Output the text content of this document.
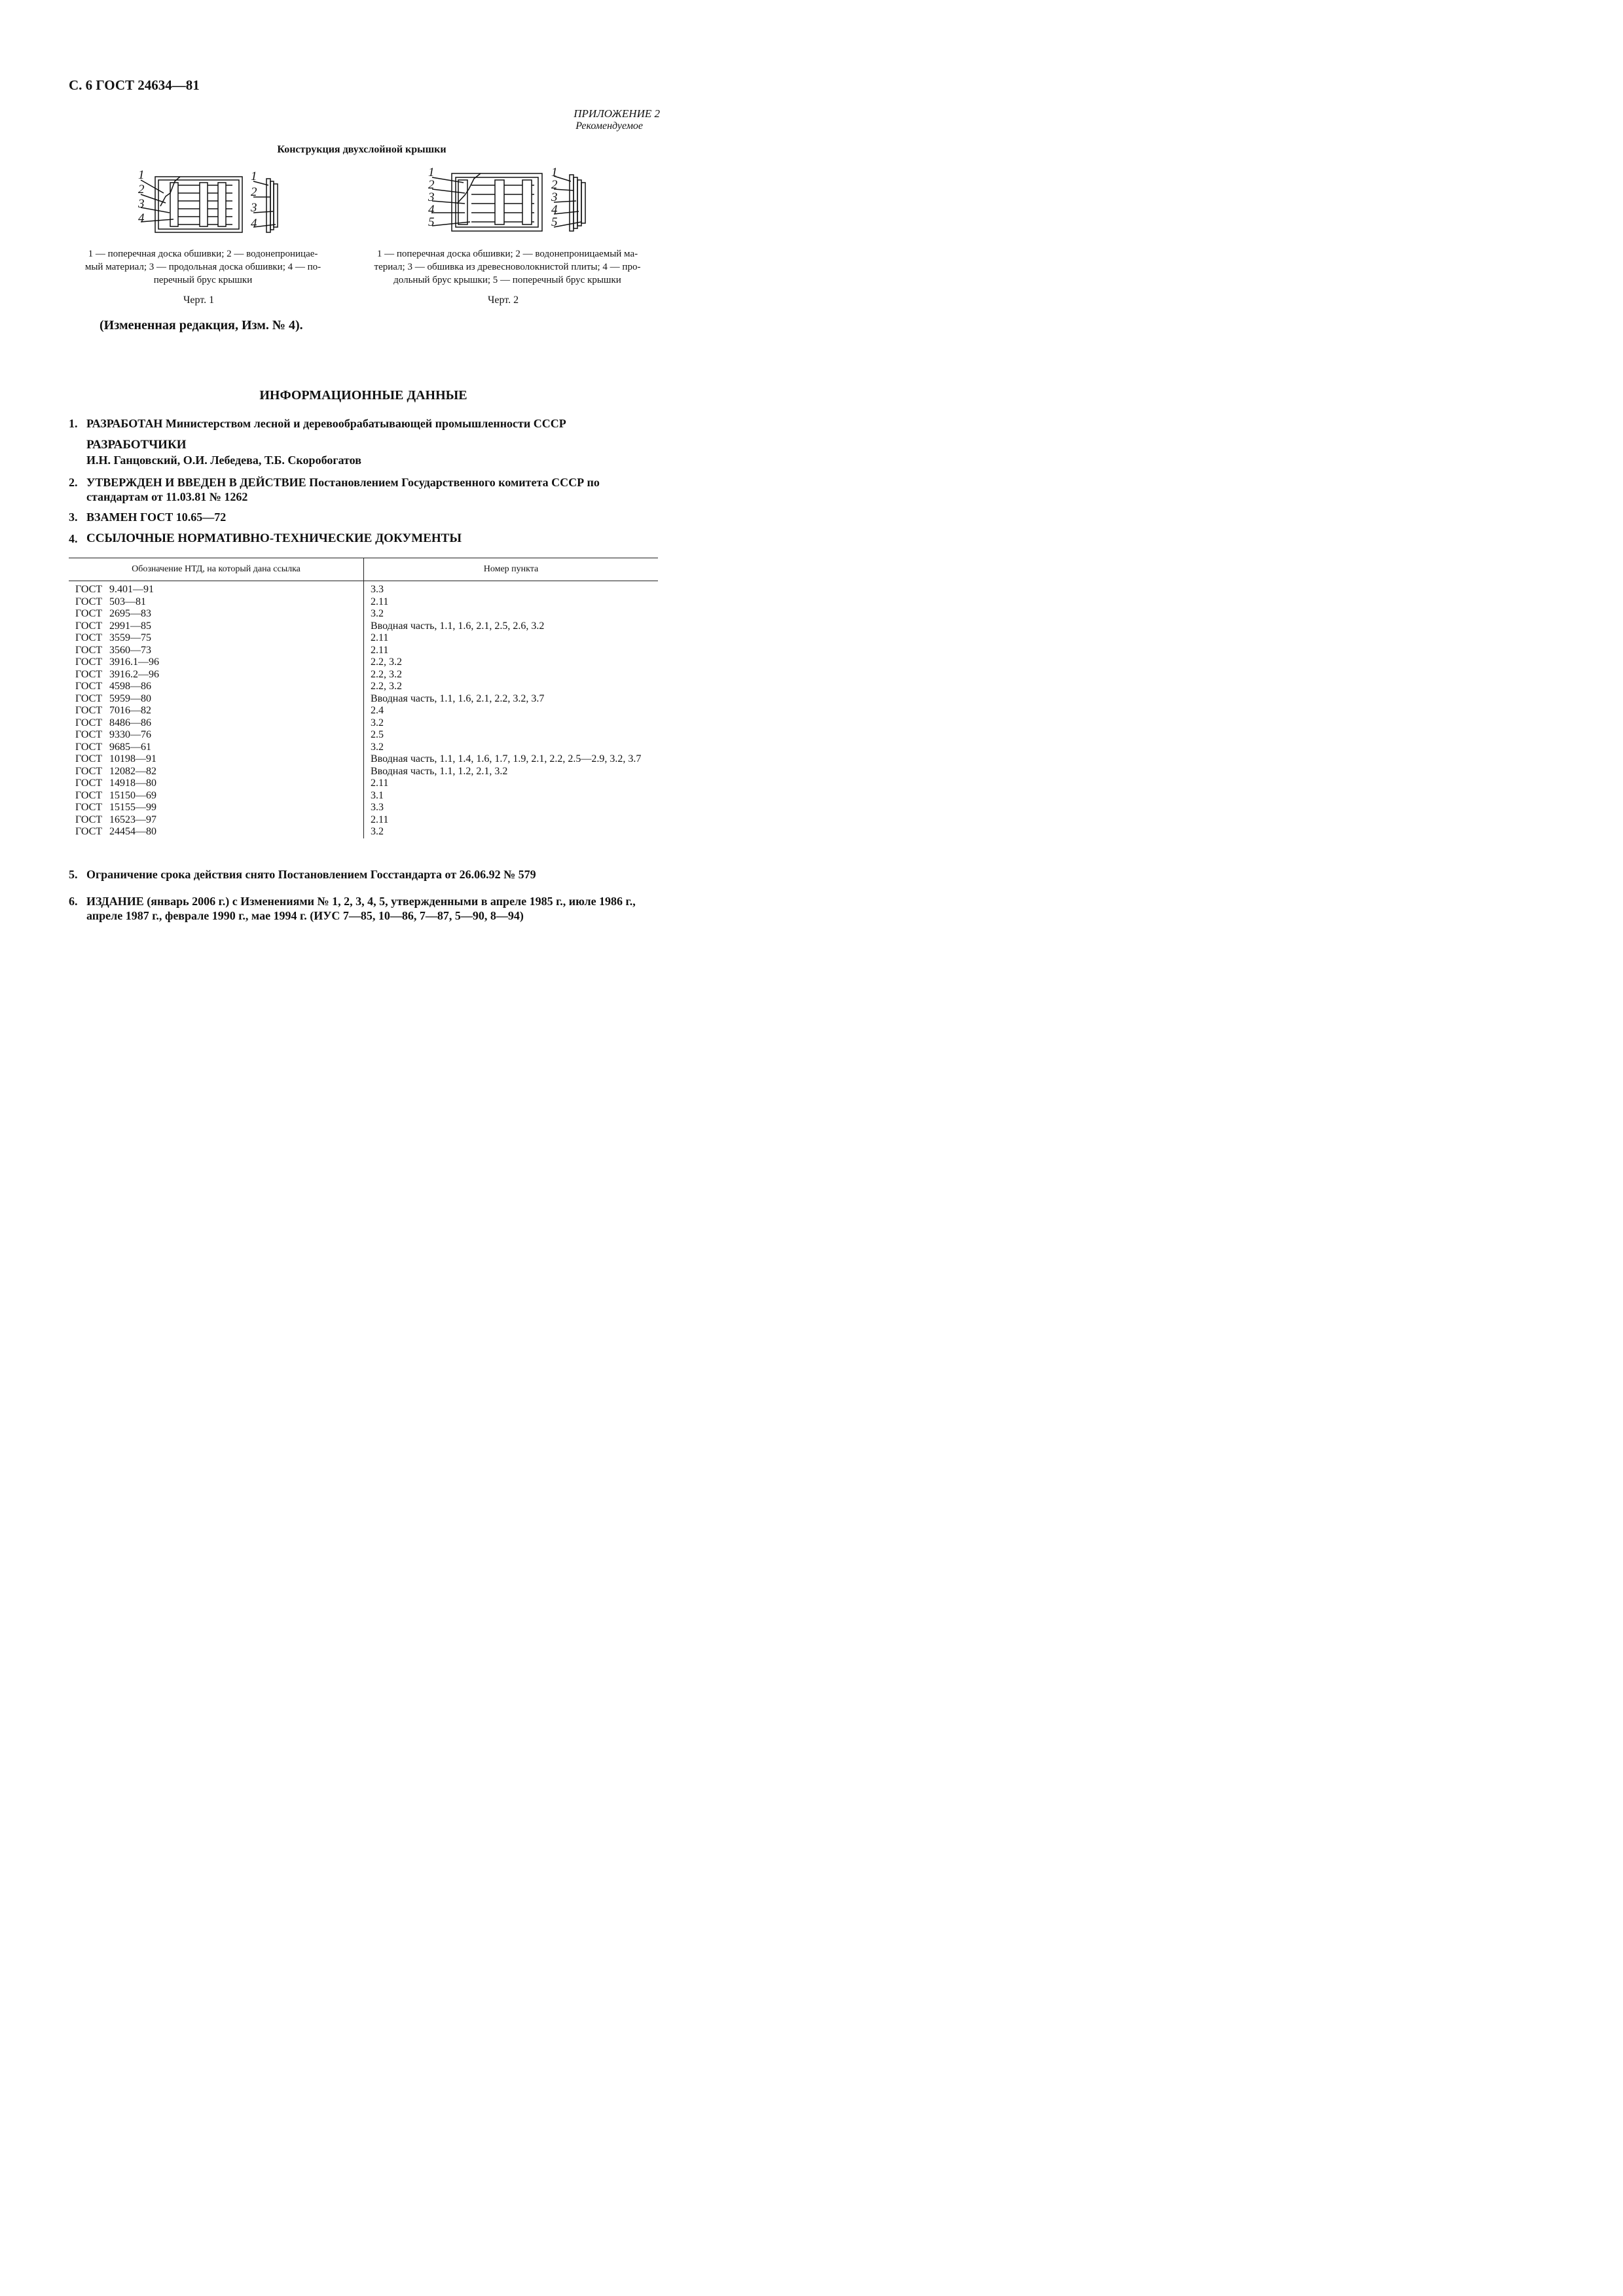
С. 6 ГОСТ 24634—81
ПРИЛОЖЕНИЕ 2
Рекомендуемое
Конструкция двухслойной крышки
1
2
3
4
1
2
3
4
1
2
3
4
5
1
2
3
4
5
1 — поперечная доска обшивки; 2 — водонепроницае-
мый материал; 3 — продольная доска обшивки; 4 — по-
перечный брус крышки
Черт. 1
1 — поперечная доска обшивки; 2 — водонепроницаемый ма-
териал; 3 — обшивка из древесноволокнистой плиты; 4 — про-
дольный брус крышки; 5 — поперечный брус крышки
Черт. 2
(Измененная редакция, Изм. № 4).
ИНФОРМАЦИОННЫЕ ДАННЫЕ
1. РАЗРАБОТАН Министерством лесной и деревообрабатывающей промышленности СССР
РАЗРАБОТЧИКИ
И.Н. Ганцовский, О.И. Лебедева, Т.Б. Скоробогатов
2. УТВЕРЖДЕН И ВВЕДЕН В ДЕЙСТВИЕ Постановлением Государственного комитета СССР по стандартам от 11.03.81 № 1262
3. ВЗАМЕН ГОСТ 10.65—72
4. ССЫЛОЧНЫЕ НОРМАТИВНО-ТЕХНИЧЕСКИЕ ДОКУМЕНТЫ
Обозначение НТД, на который дана ссылка	Номер пункта
ГОСТ 9.401—91	3.3
ГОСТ 503—81	2.11
ГОСТ 2695—83	3.2
ГОСТ 2991—85	Вводная часть, 1.1, 1.6, 2.1, 2.5, 2.6, 3.2
ГОСТ 3559—75	2.11
ГОСТ 3560—73	2.11
ГОСТ 3916.1—96	2.2, 3.2
ГОСТ 3916.2—96	2.2, 3.2
ГОСТ 4598—86	2.2, 3.2
ГОСТ 5959—80	Вводная часть, 1.1, 1.6, 2.1, 2.2, 3.2, 3.7
ГОСТ 7016—82	2.4
ГОСТ 8486—86	3.2
ГОСТ 9330—76	2.5
ГОСТ 9685—61	3.2
ГОСТ 10198—91	Вводная часть, 1.1, 1.4, 1.6, 1.7, 1.9, 2.1, 2.2, 2.5—2.9, 3.2, 3.7
ГОСТ 12082—82	Вводная часть, 1.1, 1.2, 2.1, 3.2
ГОСТ 14918—80	2.11
ГОСТ 15150—69	3.1
ГОСТ 15155—99	3.3
ГОСТ 16523—97	2.11
ГОСТ 24454—80	3.2
5. Ограничение срока действия снято Постановлением Госстандарта от 26.06.92 № 579
6. ИЗДАНИЕ (январь 2006 г.) с Изменениями № 1, 2, 3, 4, 5, утвержденными в апреле 1985 г., июле 1986 г., апреле 1987 г., феврале 1990 г., мае 1994 г. (ИУС 7—85, 10—86, 7—87, 5—90, 8—94)
